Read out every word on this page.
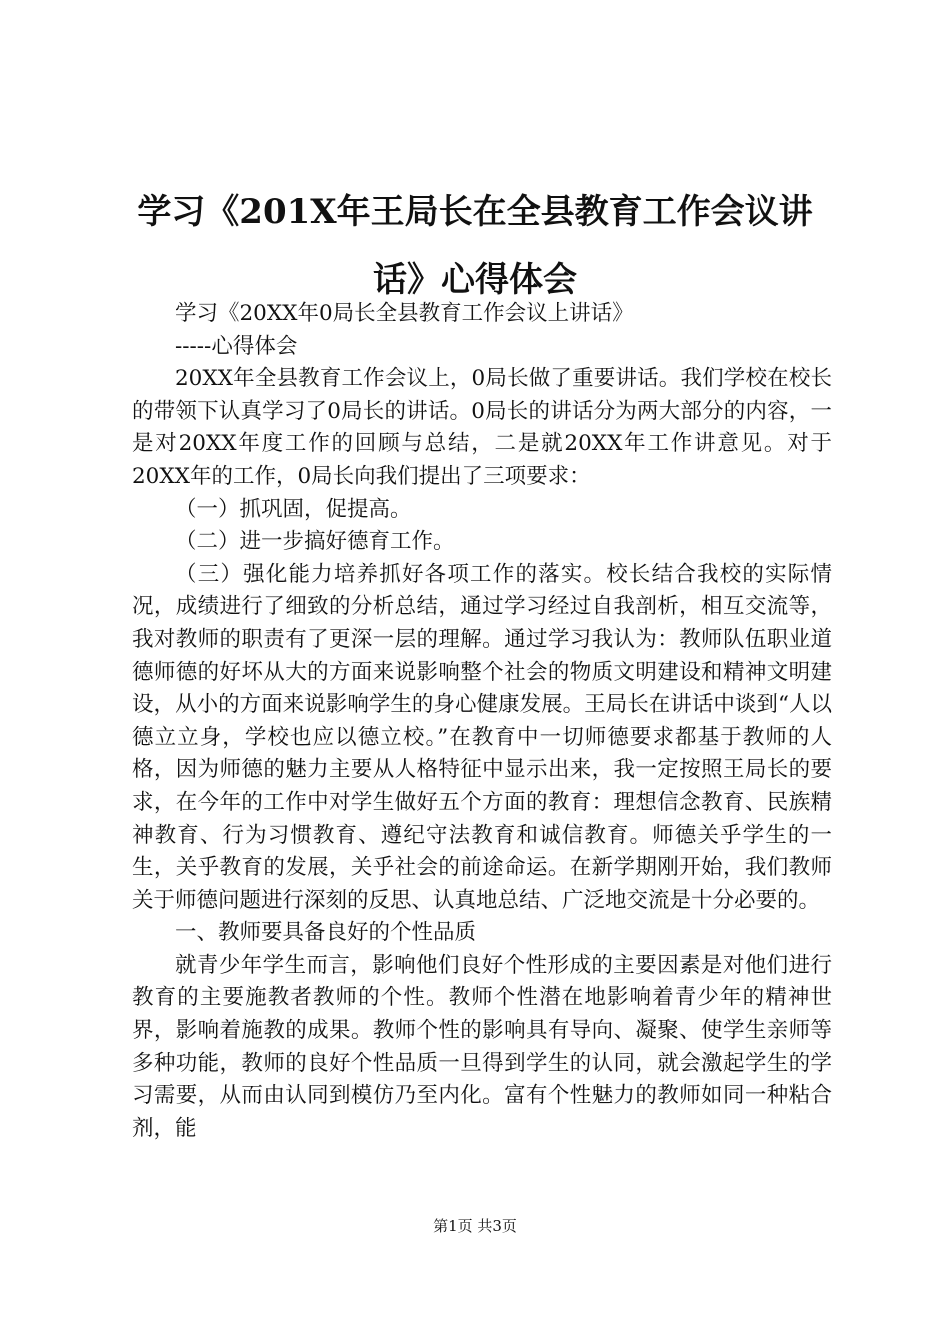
学习《201X年王局长在全县教育工作会议讲话》心得体会

学习《20XX年0局长全县教育工作会议上讲话》

-----心得体会

20XX年全县教育工作会议上，0局长做了重要讲话。我们学校在校长的带领下认真学习了0局长的讲话。0局长的讲话分为两大部分的内容，一是对20XX年度工作的回顾与总结，二是就20XX年工作讲意见。对于20XX年的工作，0局长向我们提出了三项要求：

（一）抓巩固，促提高。

（二）进一步搞好德育工作。

（三）强化能力培养抓好各项工作的落实。校长结合我校的实际情况，成绩进行了细致的分析总结，通过学习经过自我剖析，相互交流等，我对教师的职责有了更深一层的理解。通过学习我认为：教师队伍职业道德师德的好坏从大的方面来说影响整个社会的物质文明建设和精神文明建设，从小的方面来说影响学生的身心健康发展。王局长在讲话中谈到“人以德立立身，学校也应以德立校。”在教育中一切师德要求都基于教师的人格，因为师德的魅力主要从人格特征中显示出来，我一定按照王局长的要求，在今年的工作中对学生做好五个方面的教育：理想信念教育、民族精神教育、行为习惯教育、遵纪守法教育和诚信教育。师德关乎学生的一生，关乎教育的发展，关乎社会的前途命运。在新学期刚开始，我们教师关于师德问题进行深刻的反思、认真地总结、广泛地交流是十分必要的。

一、教师要具备良好的个性品质

就青少年学生而言，影响他们良好个性形成的主要因素是对他们进行教育的主要施教者教师的个性。教师个性潜在地影响着青少年的精神世界，影响着施教的成果。教师个性的影响具有导向、凝聚、使学生亲师等多种功能，教师的良好个性品质一旦得到学生的认同，就会激起学生的学习需要，从而由认同到模仿乃至内化。富有个性魅力的教师如同一种粘合剂，能

第1页 共3页
